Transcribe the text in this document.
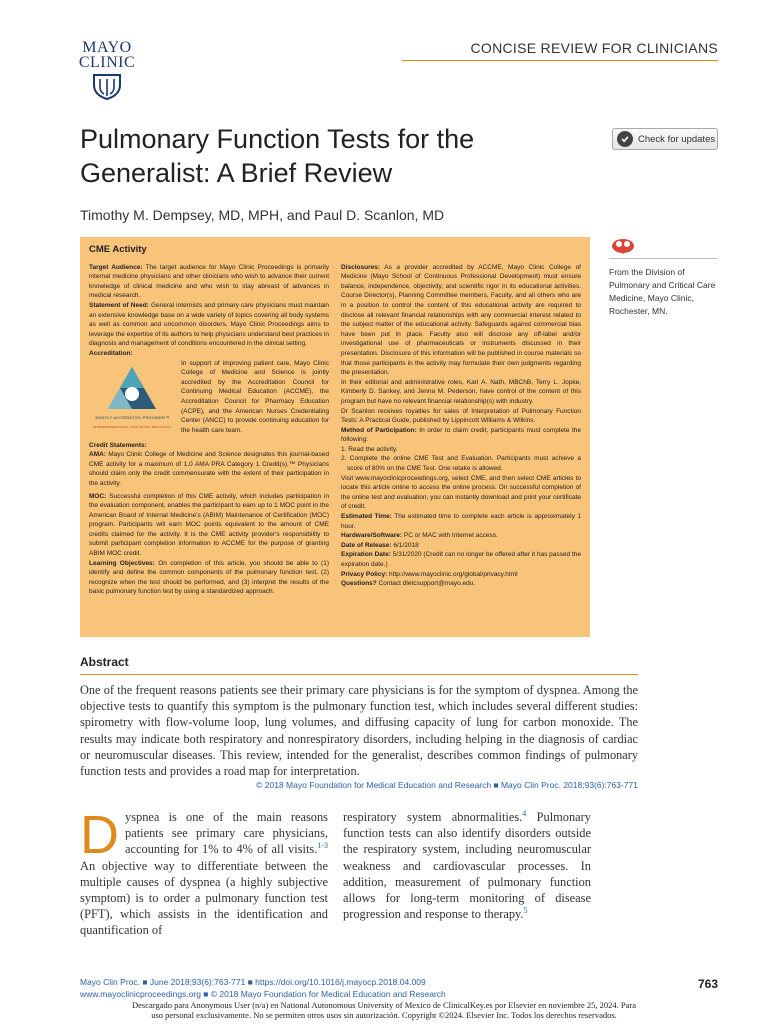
MAYO
CLINIC
CONCISE REVIEW FOR CLINICIANS
Pulmonary Function Tests for the Generalist: A Brief Review
Check for updates
Timothy M. Dempsey, MD, MPH, and Paul D. Scanlon, MD
CME Activity

Target Audience: The target audience for Mayo Clinic Proceedings is primarily internal medicine physicians and other clinicians who wish to advance their current knowledge of clinical medicine and who wish to stay abreast of advances in medical research.

Statement of Need: General internists and primary care physicians must maintain an extensive knowledge base on a wide variety of topics covering all body systems as well as common and uncommon disorders. Mayo Clinic Proceedings aims to leverage the expertise of its authors to help physicians understand best practices in diagnosis and management of conditions encountered in the clinical setting.

Accreditation:

JOINTLY ACCREDITED PROVIDER™
INTERPROFESSIONAL CONTINUING EDUCATION

In support of improving patient care, Mayo Clinic College of Medicine and Science is jointly accredited by the Accreditation Council for Continuing Medical Education (ACCME), the Accreditation Council for Pharmacy Education (ACPE), and the American Nurses Credentialing Center (ANCC) to provide continuing education for the health care team.

Credit Statements:

AMA: Mayo Clinic College of Medicine and Science designates this journal-based CME activity for a maximum of 1.0 AMA PRA Category 1 Credit(s).™ Physicians should claim only the credit commensurate with the extent of their participation in the activity.

MOC: Successful completion of this CME activity, which includes participation in the evaluation component, enables the participant to earn up to 1 MOC point in the American Board of Internal Medicine's (ABIM) Maintenance of Certification (MOC) program. Participants will earn MOC points equivalent to the amount of CME credits claimed for the activity. It is the CME activity provider's responsibility to submit participant completion information to ACCME for the purpose of granting ABIM MOC credit.

Learning Objectives: On completion of this article, you should be able to (1) identify and define the common components of the pulmonary function test, (2) recognize when the test should be performed, and (3) interpret the results of the basic pulmonary function test by using a standardized approach.

Disclosures: As a provider accredited by ACCME, Mayo Clinic College of Medicine (Mayo School of Continuous Professional Development) must ensure balance, independence, objectivity, and scientific rigor in its educational activities. Course Director(s), Planning Committee members, Faculty, and all others who are in a position to control the content of this educational activity are required to disclose all relevant financial relationships with any commercial interest related to the subject matter of the educational activity. Safeguards against commercial bias have been put in place. Faculty also will disclose any off-label and/or investigational use of pharmaceuticals or instruments discussed in their presentation. Disclosure of this information will be published in course materials so that those participants in the activity may formulate their own judgments regarding the presentation.

In their editorial and administrative roles, Karl A. Nath, MBChB, Terry L. Jopke, Kimberly D. Sankey, and Jenna M. Pederson, have control of the content of this program but have no relevant financial relationship(s) with industry.

Dr Scanlon receives royalties for sales of Interpretation of Pulmonary Function Tests: A Practical Guide, published by Lippincott Williams & Wilkins.

Method of Participation: In order to claim credit, participants must complete the following:

1. Read the activity.

2. Complete the online CME Test and Evaluation. Participants must achieve a score of 80% on the CME Test. One retake is allowed.

Visit www.mayoclinicproceedings.org, select CME, and then select CME articles to locate this article online to access the online process. On successful completion of the online test and evaluation, you can instantly download and print your certificate of credit.

Estimated Time: The estimated time to complete each article is approximately 1 hour.

Hardware/Software: PC or MAC with Internet access.

Date of Release: 6/1/2018

Expiration Date: 5/31/2020 (Credit can no longer be offered after it has passed the expiration date.)

Privacy Policy: http://www.mayoclinic.org/global/privacy.html

Questions? Contact dletcsupport@mayo.edu.

From the Division of Pulmonary and Critical Care Medicine, Mayo Clinic, Rochester, MN.
Abstract

One of the frequent reasons patients see their primary care physicians is for the symptom of dyspnea. Among the objective tests to quantify this symptom is the pulmonary function test, which includes several different studies: spirometry with flow-volume loop, lung volumes, and diffusing capacity of lung for carbon monoxide. The results may indicate both respiratory and nonrespiratory disorders, including helping in the diagnosis of cardiac or neuromuscular diseases. This review, intended for the generalist, describes common findings of pulmonary function tests and provides a road map for interpretation.

© 2018 Mayo Foundation for Medical Education and Research ■ Mayo Clin Proc. 2018;93(6):763-771
Dyspnea is one of the main reasons patients see primary care physicians, accounting for 1% to 4% of all visits.$^{1-3}$ An objective way to differentiate between the multiple causes of dyspnea (a highly subjective symptom) is to order a pulmonary function test (PFT), which assists in the identification and quantification of
respiratory system abnormalities.$^4$ Pulmonary function tests can also identify disorders outside the respiratory system, including neuromuscular weakness and cardiovascular processes. In addition, measurement of pulmonary function allows for long-term monitoring of disease progression and response to therapy.$^5$
Mayo Clin Proc. ■ June 2018;93(6):763-771 ■ https://doi.org/10.1016/j.mayocp.2018.04.009
www.mayoclinicproceedings.org ■ © 2018 Mayo Foundation for Medical Education and Research
763
Descargado para Anonymous User (n/a) en National Autonomous University of Mexico de ClinicalKey.es por Elsevier en noviembre 25, 2024. Para
uso personal exclusivamente. No se permiten otros usos sin autorización. Copyright ©2024. Elsevier Inc. Todos los derechos reservados.
